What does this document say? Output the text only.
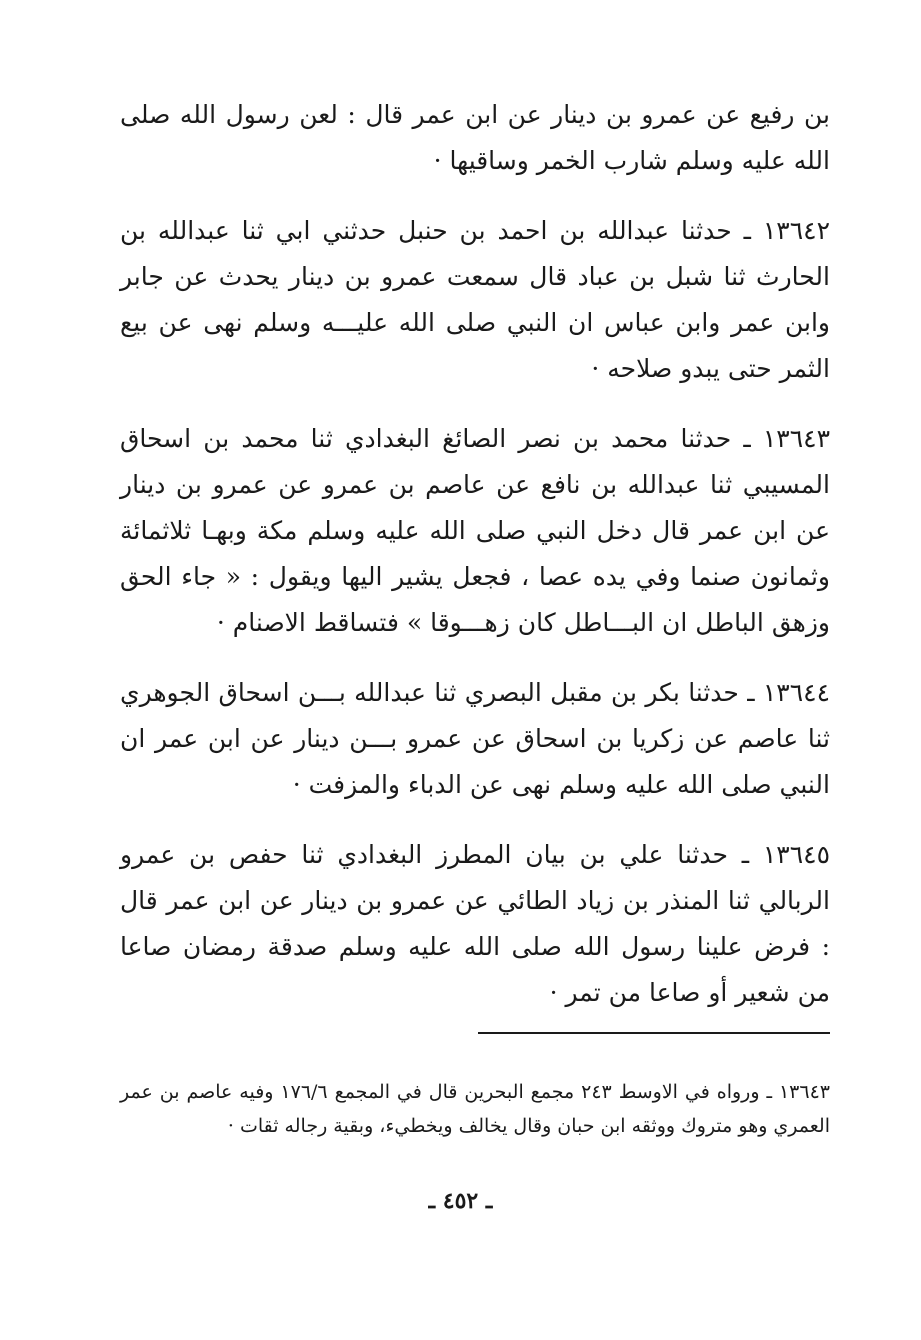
بن رفيع عن عمرو بن دينار عن ابن عمر قال : لعن رسول الله صلى الله عليه وسلم شارب الخمر وساقيها ·

١٣٦٤٢ ـ حدثنا عبدالله بن احمد بن حنبل حدثني ابي ثنا عبدالله بن الحارث ثنا شبل بن عباد قال سمعت عمرو بن دينار يحدث عن جابر وابن عمر وابن عباس ان النبي صلى الله عليـــه وسلم نهى عن بيع الثمر حتى يبدو صلاحه ·

١٣٦٤٣ ـ حدثنا محمد بن نصر الصائغ البغدادي ثنا محمد بن اسحاق المسيبي ثنا عبدالله بن نافع عن عاصم بن عمرو عن عمرو بن دينار عن ابن عمر قال دخل النبي صلى الله عليه وسلم مكة وبهـا ثلاثمائة وثمانون صنما وفي يده عصا ، فجعل يشير اليها ويقول : « جاء الحق وزهق الباطل ان البـــاطل كان زهـــوقا » فتساقط الاصنام ·

١٣٦٤٤ ـ حدثنا بكر بن مقبل البصري ثنا عبدالله بـــن اسحاق الجوهري ثنا عاصم عن زكريا بن اسحاق عن عمرو بـــن دينار عن ابن عمر ان النبي صلى الله عليه وسلم نهى عن الدباء والمزفت ·

١٣٦٤٥ ـ حدثنا علي بن بيان المطرز البغدادي ثنا حفص بن عمرو الربالي ثنا المنذر بن زياد الطائي عن عمرو بن دينار عن ابن عمر قال : فرض علينا رسول الله صلى الله عليه وسلم صدقة رمضان صاعا من شعير أو صاعا من تمر ·

١٣٦٤٣ ـ ورواه في الاوسط ٢٤٣ مجمع البحرين قال في المجمع ١٧٦/٦ وفيه عاصم بن عمر العمري وهو متروك ووثقه ابن حبان وقال يخالف ويخطيء، وبقية رجاله ثقات ·

ـ ٤٥٢ ـ
